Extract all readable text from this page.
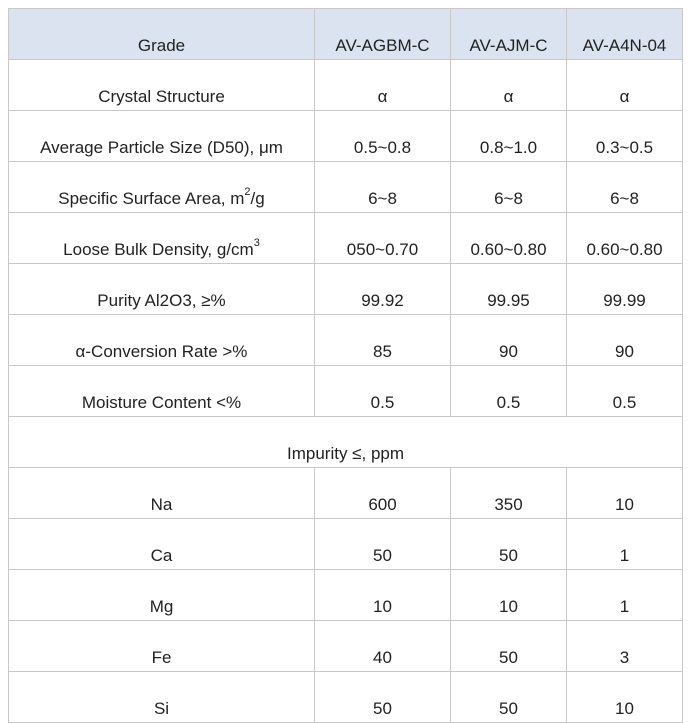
Grade	AV-AGBM-C	AV-AJM-C	AV-A4N-04
Crystal Structure	α	α	α
Average Particle Size (D50), μm	0.5~0.8	0.8~1.0	0.3~0.5
Specific Surface Area, $m^2/g$	6~8	6~8	6~8
Loose Bulk Density, $g/cm^3$	050~0.70	0.60~0.80	0.60~0.80
Purity Al2O3, ≥%	99.92	99.95	99.99
α-Conversion Rate >%	85	90	90
Moisture Content <%	0.5	0.5	0.5
Impurity ≤, ppm			
Na	600	350	10
Ca	50	50	1
Mg	10	10	1
Fe	40	50	3
Si	50	50	10
